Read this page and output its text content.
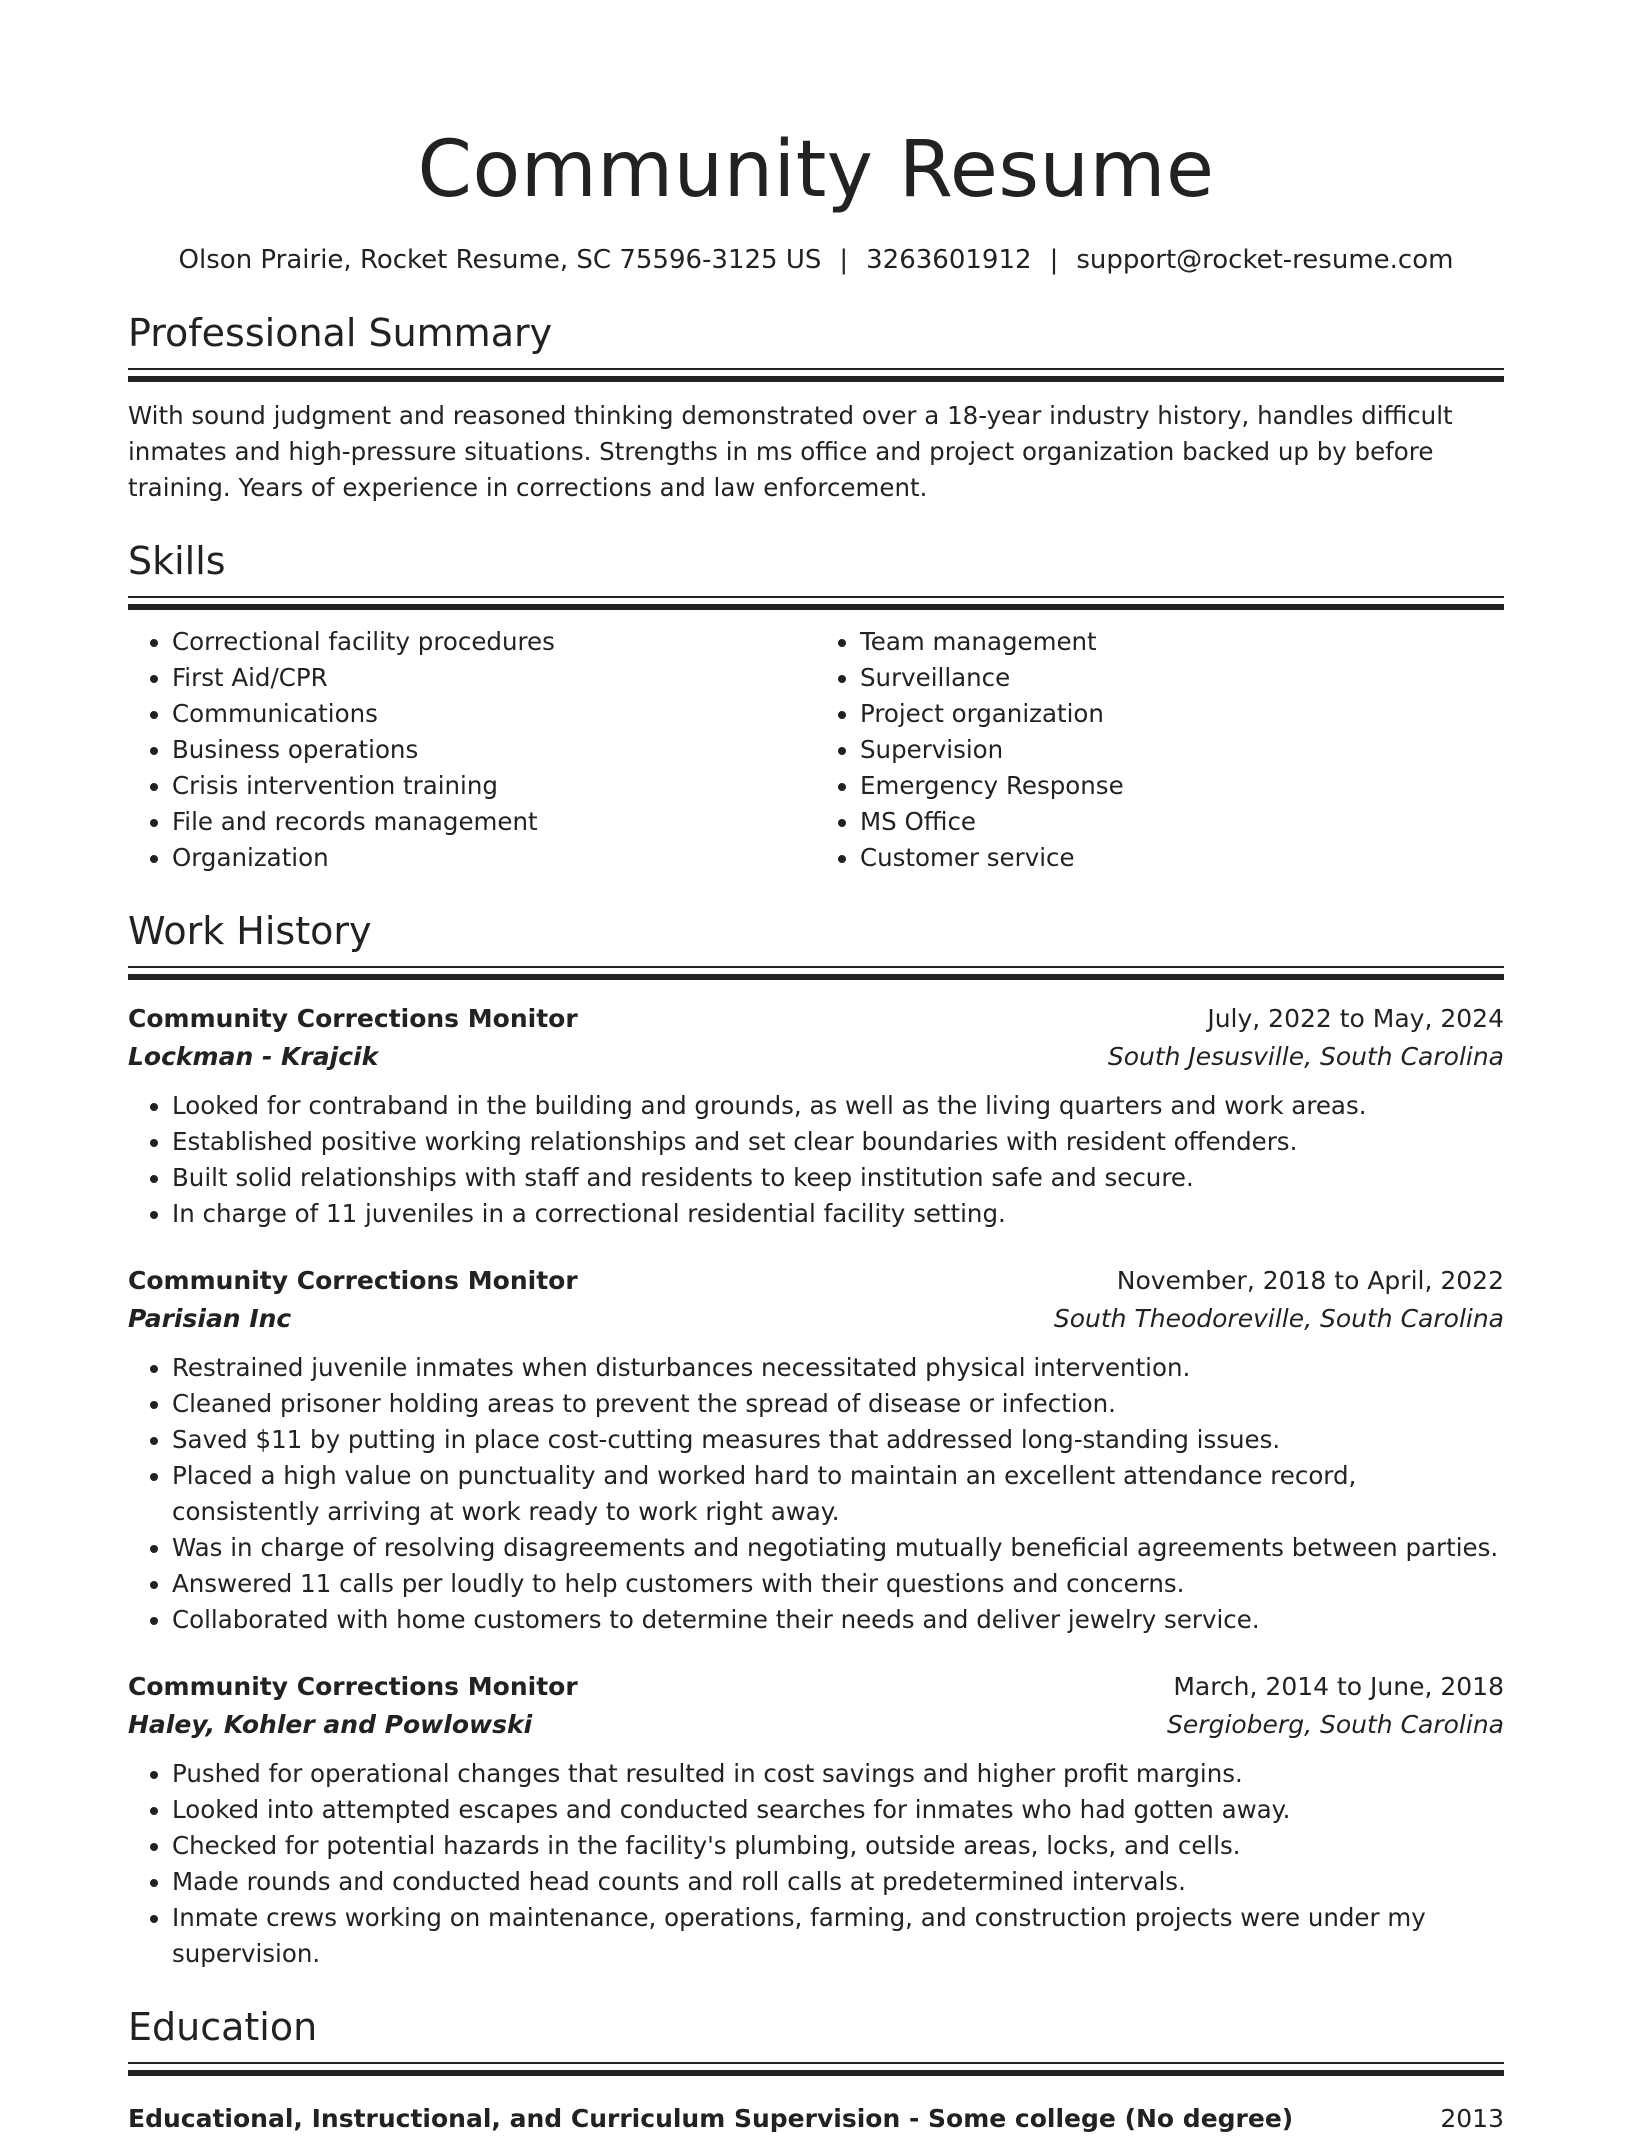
Community Resume
Olson Prairie, Rocket Resume, SC 75596-3125 US | 3263601912 | support@rocket-resume.com
Professional Summary
With sound judgment and reasoned thinking demonstrated over a 18-year industry history, handles difficult inmates and high-pressure situations. Strengths in ms office and project organization backed up by before training. Years of experience in corrections and law enforcement.
Skills
• Correctional facility procedures
• First Aid/CPR
• Communications
• Business operations
• Crisis intervention training
• File and records management
• Organization
• Team management
• Surveillance
• Project organization
• Supervision
• Emergency Response
• MS Office
• Customer service
Work History
Community Corrections Monitor	July, 2022 to May, 2024
Lockman - Krajcik	South Jesusville, South Carolina
• Looked for contraband in the building and grounds, as well as the living quarters and work areas.
• Established positive working relationships and set clear boundaries with resident offenders.
• Built solid relationships with staff and residents to keep institution safe and secure.
• In charge of 11 juveniles in a correctional residential facility setting.
Community Corrections Monitor	November, 2018 to April, 2022
Parisian Inc	South Theodoreville, South Carolina
• Restrained juvenile inmates when disturbances necessitated physical intervention.
• Cleaned prisoner holding areas to prevent the spread of disease or infection.
• Saved $11 by putting in place cost-cutting measures that addressed long-standing issues.
• Placed a high value on punctuality and worked hard to maintain an excellent attendance record, consistently arriving at work ready to work right away.
• Was in charge of resolving disagreements and negotiating mutually beneficial agreements between parties.
• Answered 11 calls per loudly to help customers with their questions and concerns.
• Collaborated with home customers to determine their needs and deliver jewelry service.
Community Corrections Monitor	March, 2014 to June, 2018
Haley, Kohler and Powlowski	Sergioberg, South Carolina
• Pushed for operational changes that resulted in cost savings and higher profit margins.
• Looked into attempted escapes and conducted searches for inmates who had gotten away.
• Checked for potential hazards in the facility's plumbing, outside areas, locks, and cells.
• Made rounds and conducted head counts and roll calls at predetermined intervals.
• Inmate crews working on maintenance, operations, farming, and construction projects were under my supervision.
Education
Educational, Instructional, and Curriculum Supervision - Some college (No degree)	2013
